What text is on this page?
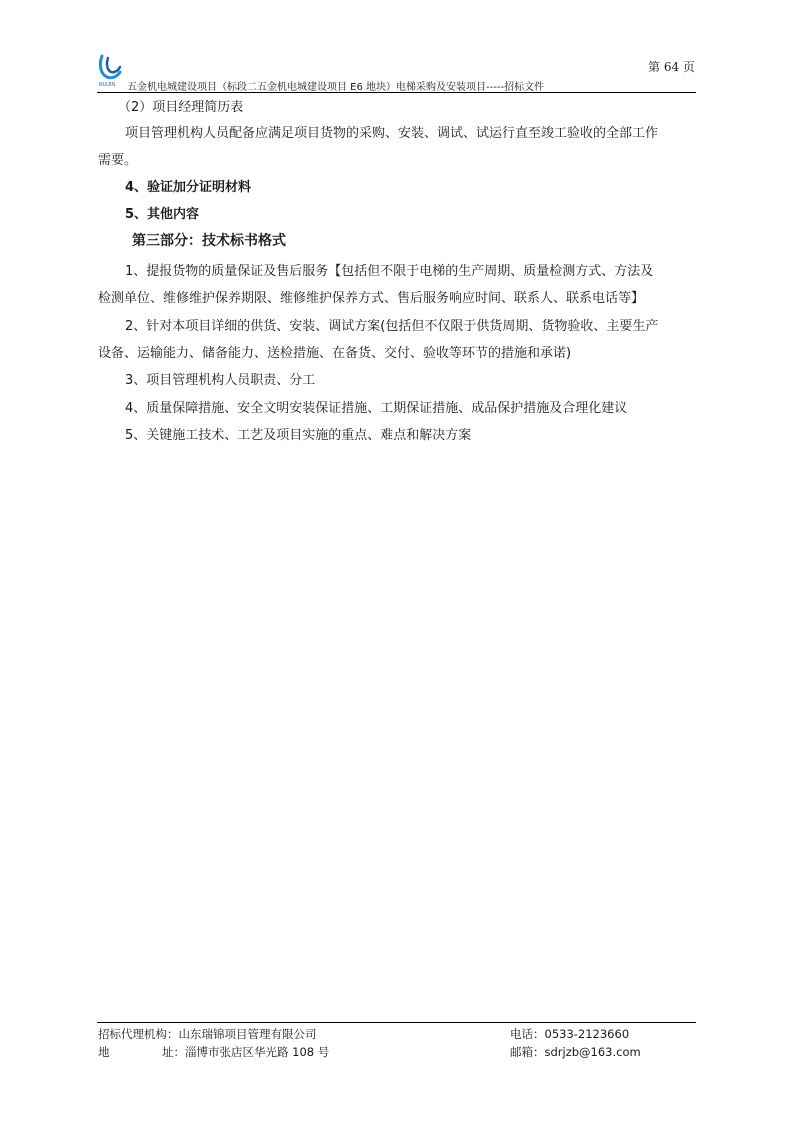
RUIJIN
第 64 页
五金机电城建设项目（标段二五金机电城建设项目 E6 地块）电梯采购及安装项目-----招标文件
（2）项目经理简历表
项目管理机构人员配备应满足项目货物的采购、安装、调试、试运行直至竣工验收的全部工作
需要。
4、验证加分证明材料
5、其他内容
第三部分：技术标书格式
1、提报货物的质量保证及售后服务【包括但不限于电梯的生产周期、质量检测方式、方法及
检测单位、维修维护保养期限、维修维护保养方式、售后服务响应时间、联系人、联系电话等】
2、针对本项目详细的供货、安装、调试方案(包括但不仅限于供货周期、货物验收、主要生产
设备、运输能力、储备能力、送检措施、在备货、交付、验收等环节的措施和承诺)
3、项目管理机构人员职责、分工
4、质量保障措施、安全文明安装保证措施、工期保证措施、成品保护措施及合理化建议
5、关键施工技术、工艺及项目实施的重点、难点和解决方案
招标代理机构：山东瑞锦项目管理有限公司	电话：0533-2123660
地	址：淄博市张店区华光路 108 号	邮箱：sdrjzb@163.com
